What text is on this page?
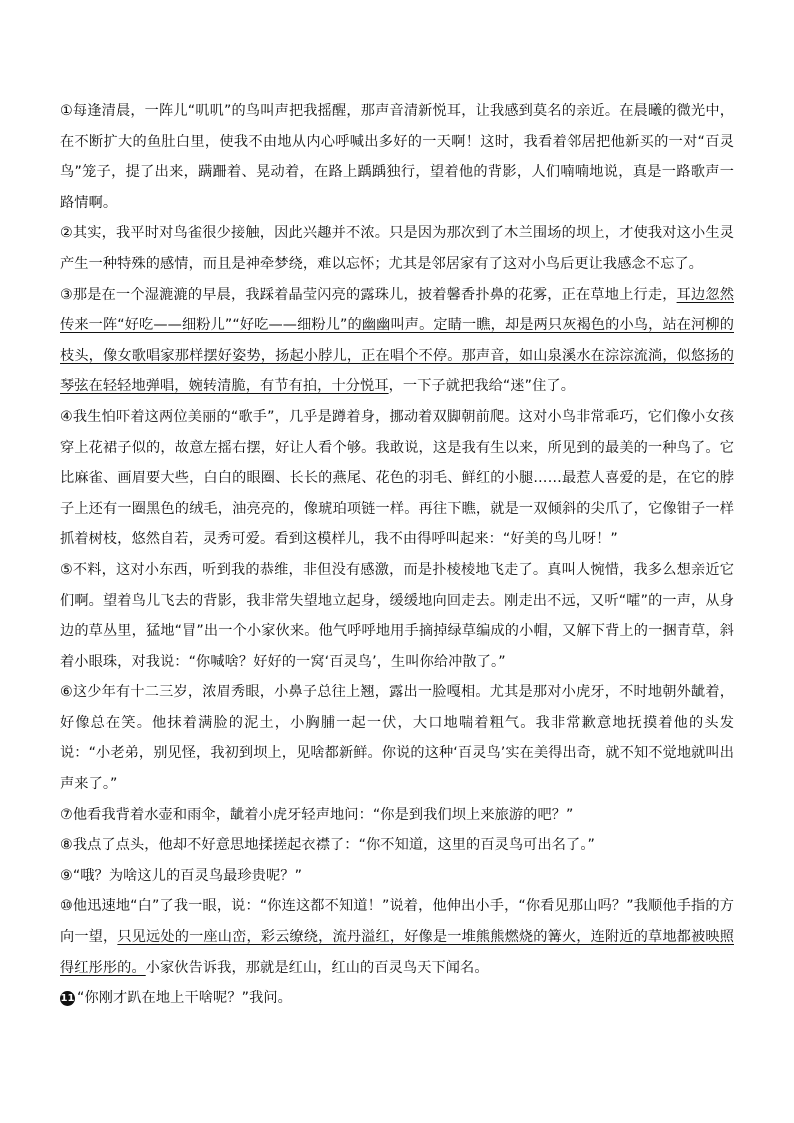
①每逢清晨，一阵儿“叽叽”的鸟叫声把我摇醒，那声音清新悦耳，让我感到莫名的亲近。在晨曦的微光中，在不断扩大的鱼肚白里，使我不由地从内心呼喊出多好的一天啊！这时，我看着邻居把他新买的一对“百灵鸟”笼子，提了出来，蹒跚着、晃动着，在路上踽踽独行，望着他的背影，人们喃喃地说，真是一路歌声一路情啊。

②其实，我平时对鸟雀很少接触，因此兴趣并不浓。只是因为那次到了木兰围场的坝上，才使我对这小生灵产生一种特殊的感情，而且是神牵梦绕，难以忘怀；尤其是邻居家有了这对小鸟后更让我感念不忘了。

③那是在一个湿漉漉的早晨，我踩着晶莹闪亮的露珠儿，披着馨香扑鼻的花雾，正在草地上行走，耳边忽然传来一阵“好吃——细粉儿”“好吃——细粉儿”的幽幽叫声。定睛一瞧，却是两只灰褐色的小鸟，站在河柳的枝头，像女歌唱家那样摆好姿势，扬起小脖儿，正在唱个不停。那声音，如山泉溪水在淙淙流淌，似悠扬的琴弦在轻轻地弹唱，婉转清脆，有节有拍，十分悦耳，一下子就把我给“迷”住了。

④我生怕吓着这两位美丽的“歌手”，几乎是蹲着身，挪动着双脚朝前爬。这对小鸟非常乖巧，它们像小女孩穿上花裙子似的，故意左摇右摆，好让人看个够。我敢说，这是我有生以来，所见到的最美的一种鸟了。它比麻雀、画眉要大些，白白的眼圈、长长的燕尾、花色的羽毛、鲜红的小腿……最惹人喜爱的是，在它的脖子上还有一圈黑色的绒毛，油亮亮的，像琥珀项链一样。再往下瞧，就是一双倾斜的尖爪了，它像钳子一样抓着树枝，悠然自若，灵秀可爱。看到这模样儿，我不由得呼叫起来：“好美的鸟儿呀！”

⑤不料，这对小东西，听到我的恭维，非但没有感激，而是扑棱棱地飞走了。真叫人惋惜，我多么想亲近它们啊。望着鸟儿飞去的背影，我非常失望地立起身，缓缓地向回走去。刚走出不远，又听“嚯”的一声，从身边的草丛里，猛地“冒”出一个小家伙来。他气呼呼地用手摘掉绿草编成的小帽，又解下背上的一捆青草，斜着小眼珠，对我说：“你喊啥？好好的一窝‘百灵鸟’，生叫你给冲散了。”

⑥这少年有十二三岁，浓眉秀眼，小鼻子总往上翘，露出一脸嘎相。尤其是那对小虎牙，不时地朝外龇着，好像总在笑。他抹着满脸的泥土，小胸脯一起一伏，大口地喘着粗气。我非常歉意地抚摸着他的头发说：“小老弟，别见怪，我初到坝上，见啥都新鲜。你说的这种‘百灵鸟’实在美得出奇，就不知不觉地就叫出声来了。”

⑦他看我背着水壶和雨伞，龇着小虎牙轻声地问：“你是到我们坝上来旅游的吧？”

⑧我点了点头，他却不好意思地揉搓起衣襟了：“你不知道，这里的百灵鸟可出名了。”

⑨“哦？为啥这儿的百灵鸟最珍贵呢？”

⑩他迅速地“白”了我一眼，说：“你连这都不知道！”说着，他伸出小手，“你看见那山吗？”我顺他手指的方向一望，只见远处的一座山峦，彩云缭绕，流丹溢红，好像是一堆熊熊燃烧的篝火，连附近的草地都被映照得红彤彤的。小家伙告诉我，那就是红山，红山的百灵鸟天下闻名。

11 “你刚才趴在地上干啥呢？”我问。
